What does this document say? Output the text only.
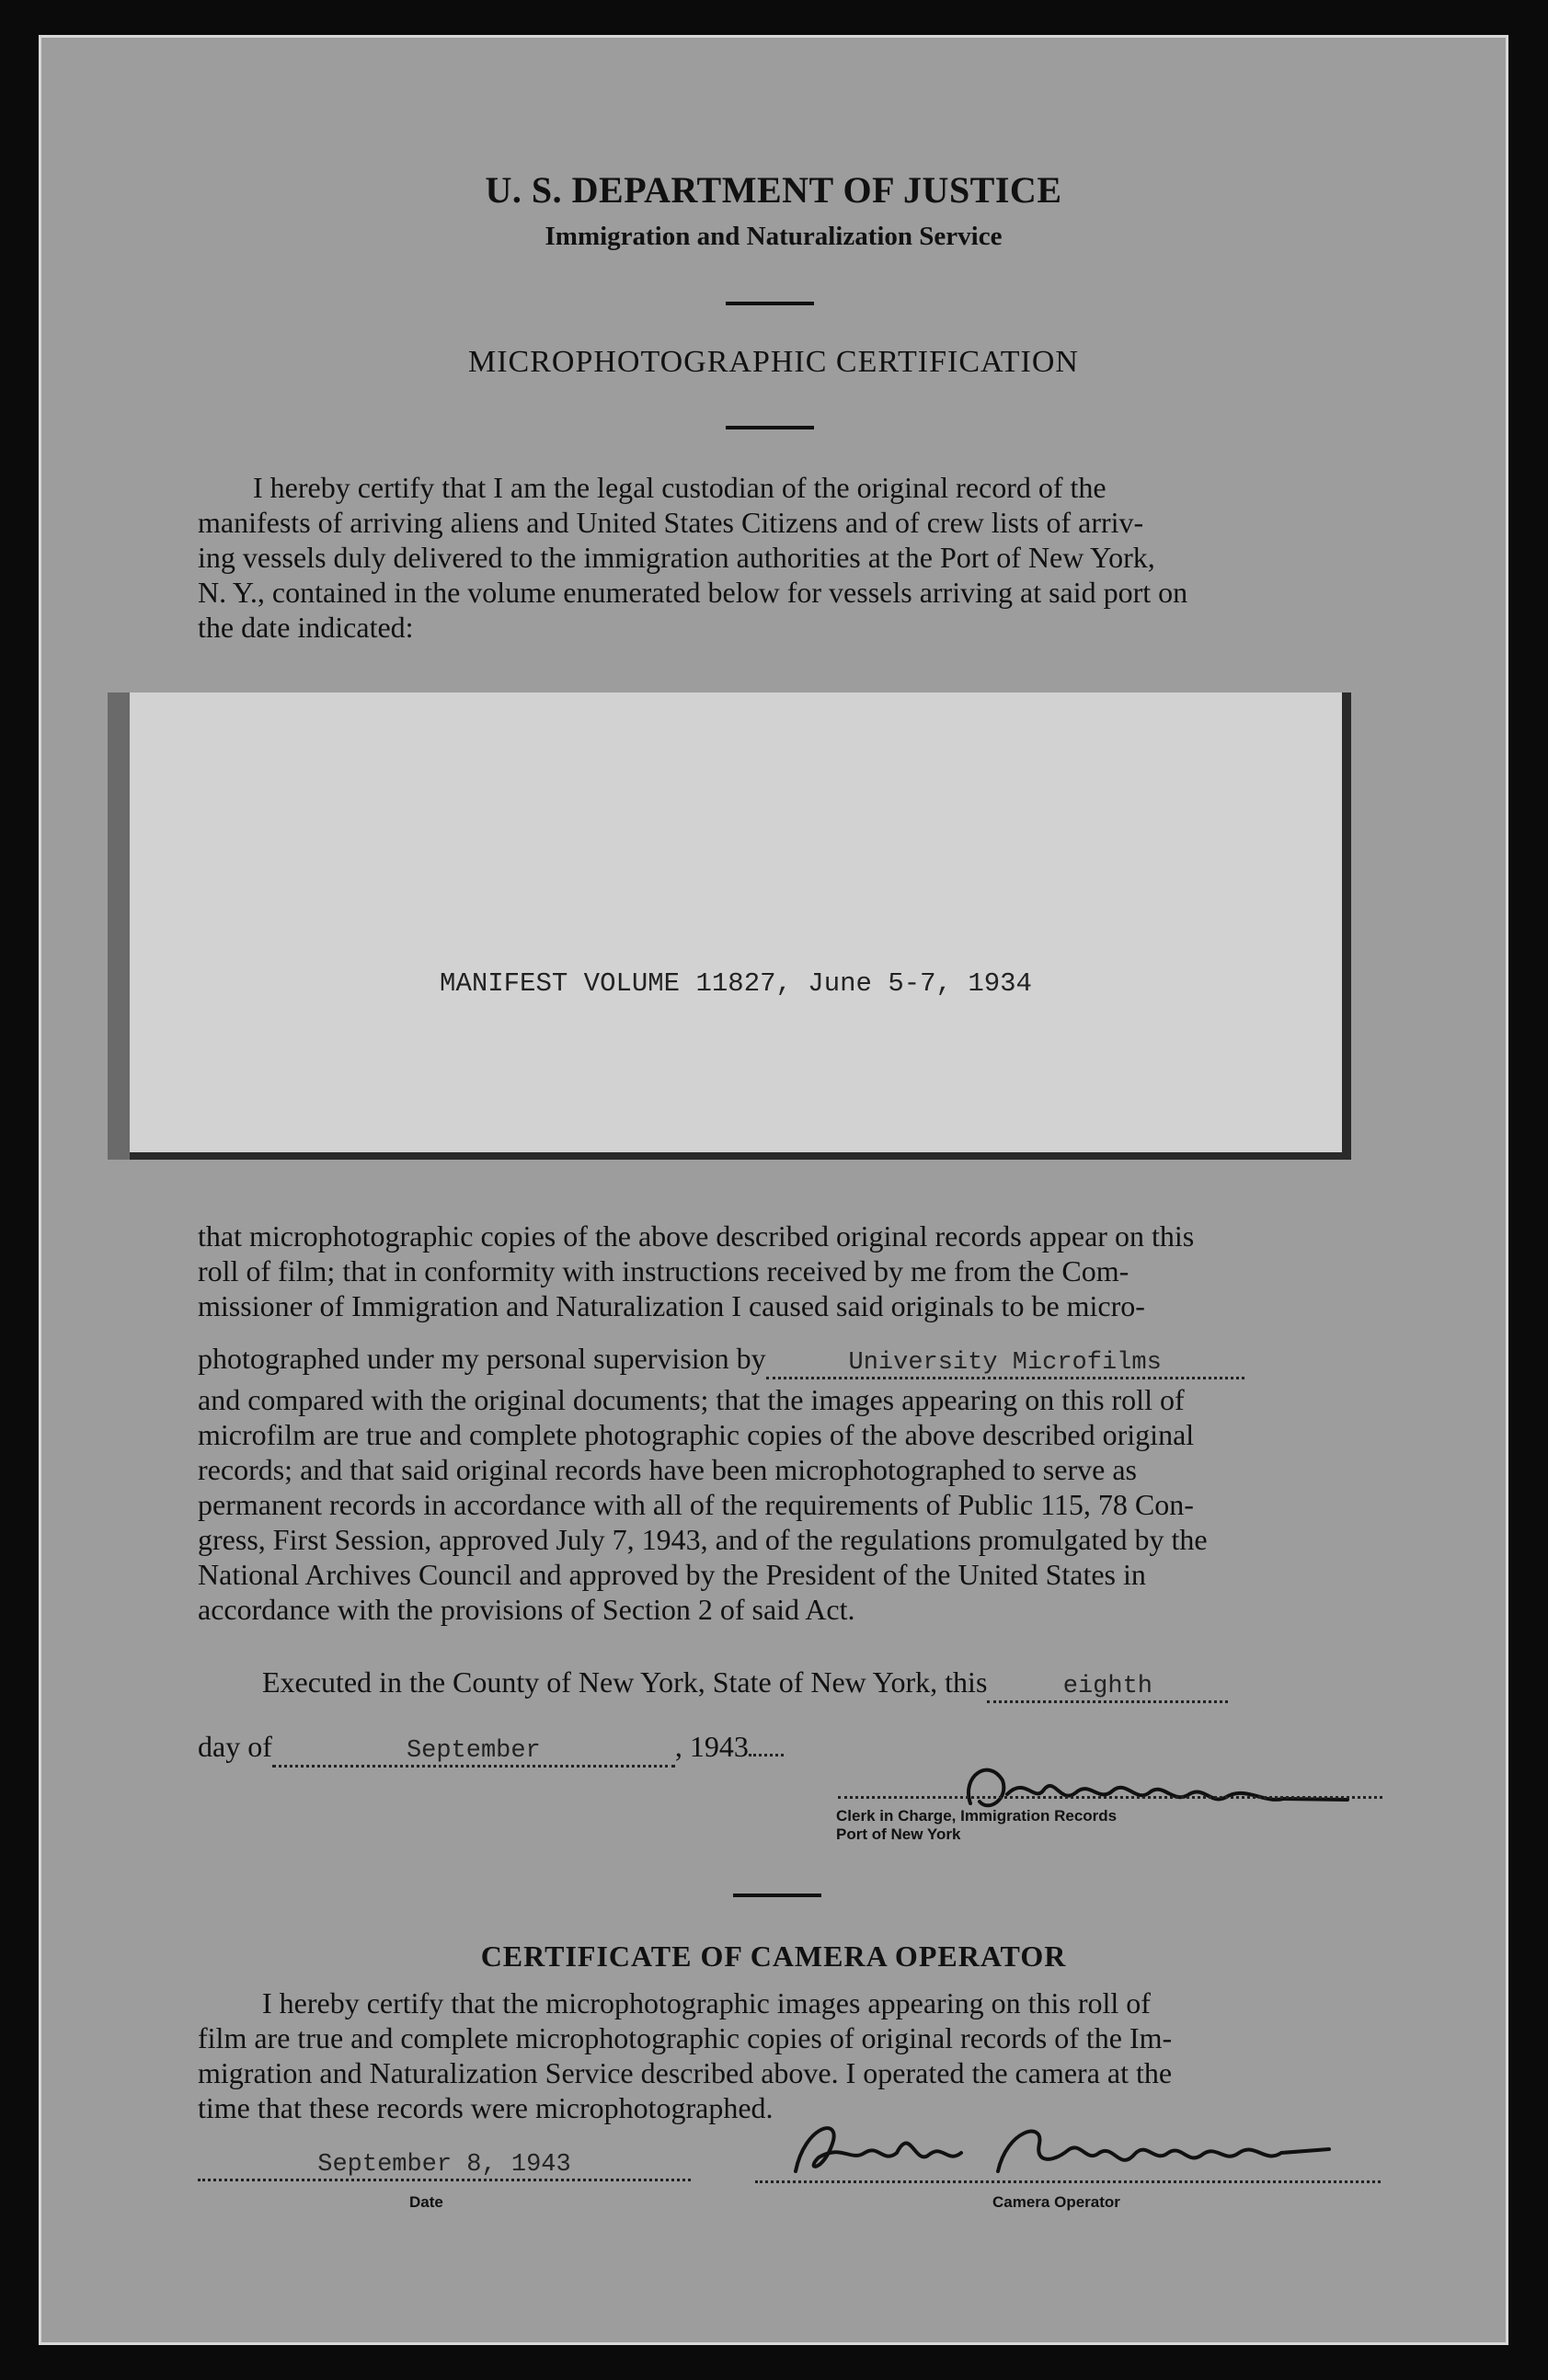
U. S. DEPARTMENT OF JUSTICE
Immigration and Naturalization Service
MICROPHOTOGRAPHIC CERTIFICATION
I hereby certify that I am the legal custodian of the original record of the
manifests of arriving aliens and United States Citizens and of crew lists of arriv-
ing vessels duly delivered to the immigration authorities at the Port of New York,
N. Y., contained in the volume enumerated below for vessels arriving at said port on
the date indicated:
MANIFEST VOLUME 11827, June 5-7, 1934
that microphotographic copies of the above described original records appear on this
roll of film; that in conformity with instructions received by me from the Com-
missioner of Immigration and Naturalization I caused said originals to be micro-
photographed under my personal supervision by	University Microfilms
and compared with the original documents; that the images appearing on this roll of
microfilm are true and complete photographic copies of the above described original
records; and that said original records have been microphotographed to serve as
permanent records in accordance with all of the requirements of Public 115, 78 Con-
gress, First Session, approved July 7, 1943, and of the regulations promulgated by the
National Archives Council and approved by the President of the United States in
accordance with the provisions of Section 2 of said Act.
Executed in the County of New York, State of New York, this	eighth
day of	September	, 1943
Clerk in Charge, Immigration Records
Port of New York
CERTIFICATE OF CAMERA OPERATOR
I hereby certify that the microphotographic images appearing on this roll of
film are true and complete microphotographic copies of original records of the Im-
migration and Naturalization Service described above. I operated the camera at the
time that these records were microphotographed.
September 8, 1943
Date	Camera Operator
